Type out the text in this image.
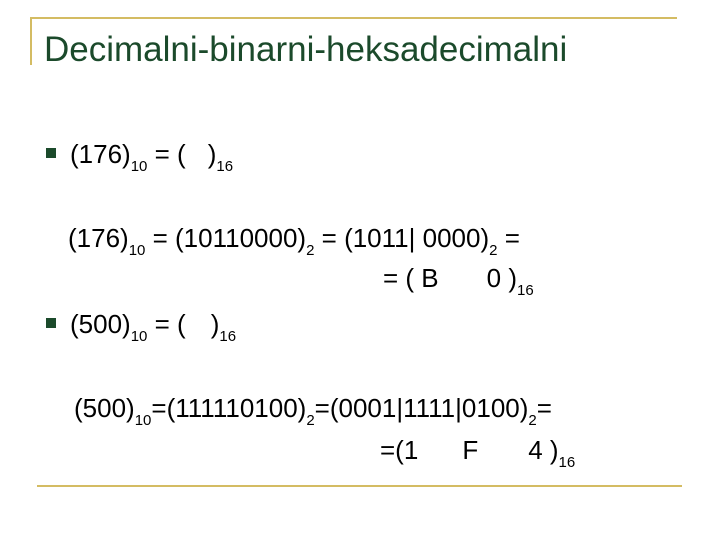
Decimalni-binarni-heksadecimalni
$(176)_{10}$ = ( )$_{16}$
$(176)_{10} = (10110000)_2 = (1011|$ $0000)_2$ =
= ( B 0 )$_{16}$
$(500)_{10}$ = ( )$_{16}$
$(500)_{10}=(111110100)_2=(0001|1111|0100)_2=$
=(1 F 4 )$_{16}$
